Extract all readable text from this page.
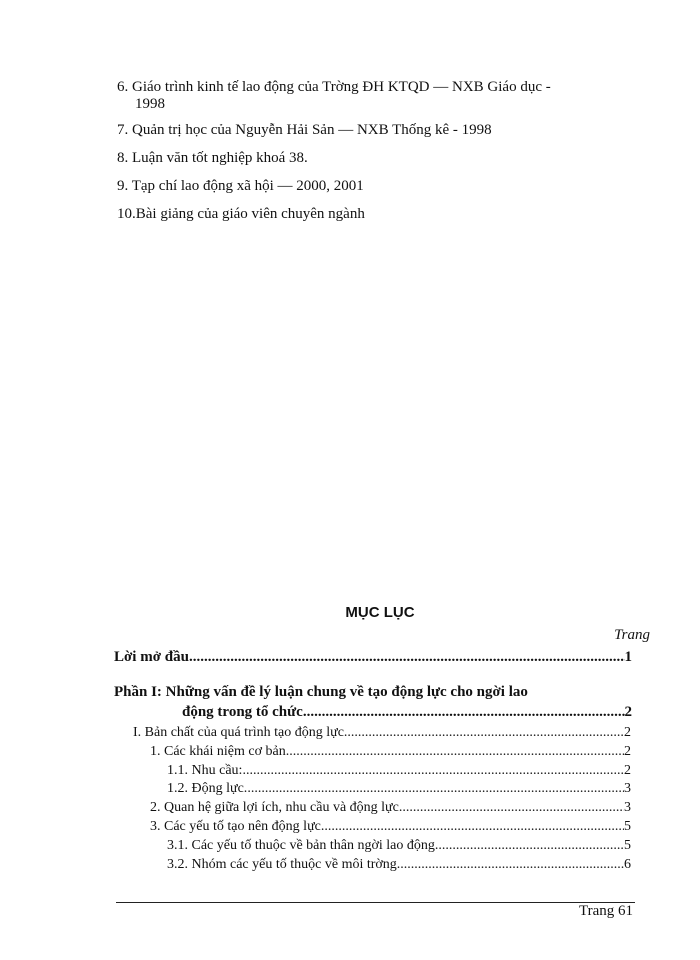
6. Giáo trình kinh tế lao động của Trờng ĐH KTQD — NXB Giáo dục -
1998
7. Quản trị học của Nguyễn Hải Sản — NXB Thống kê - 1998
8. Luận văn tốt nghiệp khoá 38.
9. Tạp chí lao động xã hội — 2000, 2001
10.Bài giảng của giáo viên chuyên ngành
MỤC LỤC
Trang
Lời mở đầu .....	1
Phần I: Những vấn đề lý luận chung về tạo động lực cho ngời lao
động trong tổ chức .....	2
I. Bản chất của quá trình tạo động lực .....	2
1. Các khái niệm cơ bản .....	2
1.1. Nhu cầu: .....	2
1.2. Động lực. .....	3
2. Quan hệ giữa lợi ích, nhu cầu và động lực. .....	3
3. Các yếu tố tạo nên động lực. .....	5
3.1. Các yếu tố thuộc về bản thân ngời lao động .....	5
3.2. Nhóm các yếu tố thuộc về môi trờng. .....	6
Trang 61
